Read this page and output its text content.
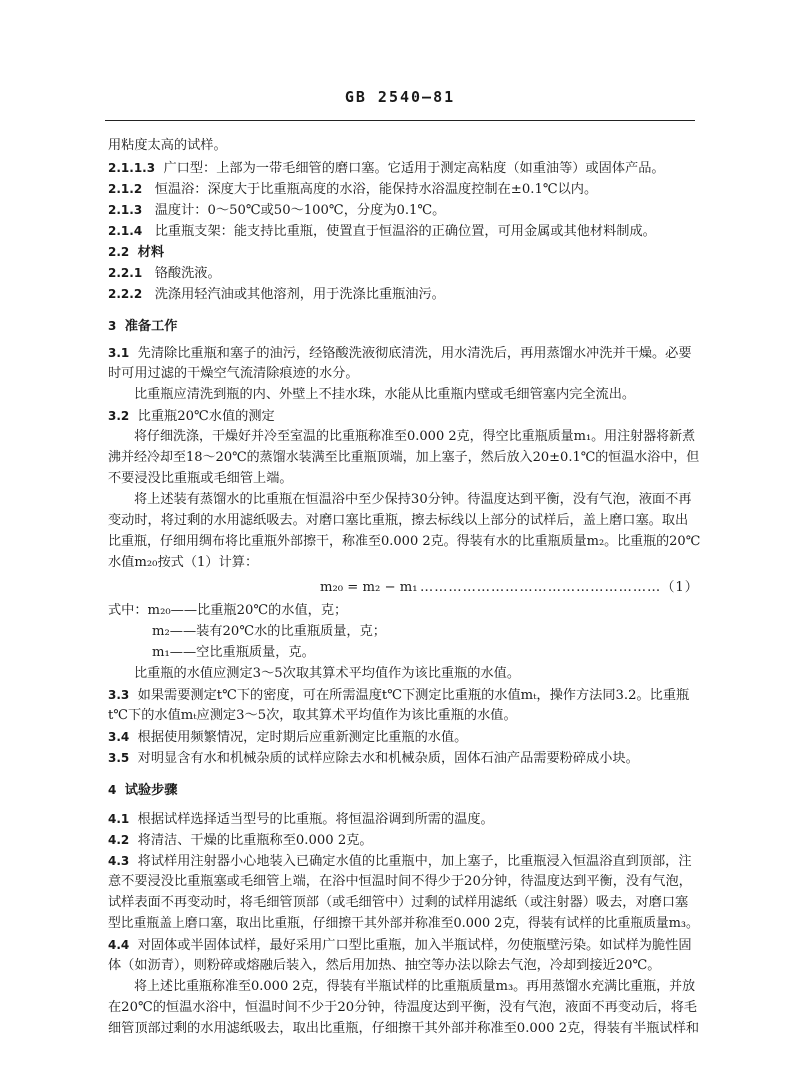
GB 2540—81
用粘度太高的试样。
2.1.1.3 广口型：上部为一带毛细管的磨口塞。它适用于测定高粘度（如重油等）或固体产品。
2.1.2 恒温浴：深度大于比重瓶高度的水浴，能保持水浴温度控制在±0.1℃以内。
2.1.3 温度计：0～50℃或50～100℃，分度为0.1℃。
2.1.4 比重瓶支架：能支持比重瓶，使置直于恒温浴的正确位置，可用金属或其他材料制成。
2.2 材料
2.2.1 铬酸洗液。
2.2.2 洗涤用轻汽油或其他溶剂，用于洗涤比重瓶油污。
3 准备工作
3.1 先清除比重瓶和塞子的油污，经铬酸洗液彻底清洗，用水清洗后，再用蒸馏水冲洗并干燥。必要
时可用过滤的干燥空气流清除痕迹的水分。
比重瓶应清洗到瓶的内、外壁上不挂水珠，水能从比重瓶内壁或毛细管塞内完全流出。
3.2 比重瓶20℃水值的测定
将仔细洗涤，干燥好并冷至室温的比重瓶称准至0.000 2克，得空比重瓶质量m₁。用注射器将新煮
沸并经冷却至18～20℃的蒸馏水装满至比重瓶顶端，加上塞子，然后放入20±0.1℃的恒温水浴中，但
不要浸没比重瓶或毛细管上端。
将上述装有蒸馏水的比重瓶在恒温浴中至少保持30分钟。待温度达到平衡，没有气泡，液面不再
变动时，将过剩的水用滤纸吸去。对磨口塞比重瓶，擦去标线以上部分的试样后，盖上磨口塞。取出
比重瓶，仔细用绸布将比重瓶外部擦干，称准至0.000 2克。得装有水的比重瓶质量m₂。比重瓶的20℃
水值m₂₀按式（1）计算：
m₂₀ = m₂ − m₁ ……………………………………………（1）
式中：m₂₀——比重瓶20℃的水值，克；
m₂——装有20℃水的比重瓶质量，克；
m₁——空比重瓶质量，克。
比重瓶的水值应测定3～5次取其算术平均值作为该比重瓶的水值。
3.3 如果需要测定t℃下的密度，可在所需温度t℃下测定比重瓶的水值mₜ，操作方法同3.2。比重瓶
t℃下的水值mₜ应测定3～5次，取其算术平均值作为该比重瓶的水值。
3.4 根据使用频繁情况，定时期后应重新测定比重瓶的水值。
3.5 对明显含有水和机械杂质的试样应除去水和机械杂质，固体石油产品需要粉碎成小块。
4 试验步骤
4.1 根据试样选择适当型号的比重瓶。将恒温浴调到所需的温度。
4.2 将清洁、干燥的比重瓶称至0.000 2克。
4.3 将试样用注射器小心地装入已确定水值的比重瓶中，加上塞子，比重瓶浸入恒温浴直到顶部，注
意不要浸没比重瓶塞或毛细管上端，在浴中恒温时间不得少于20分钟，待温度达到平衡，没有气泡，
试样表面不再变动时，将毛细管顶部（或毛细管中）过剩的试样用滤纸（或注射器）吸去，对磨口塞
型比重瓶盖上磨口塞，取出比重瓶，仔细擦干其外部并称准至0.000 2克，得装有试样的比重瓶质量m₃。
4.4 对固体或半固体试样，最好采用广口型比重瓶，加入半瓶试样，勿使瓶壁污染。如试样为脆性固
体（如沥青），则粉碎或熔融后装入，然后用加热、抽空等办法以除去气泡，冷却到接近20℃。
将上述比重瓶称准至0.000 2克，得装有半瓶试样的比重瓶质量m₃。再用蒸馏水充满比重瓶，并放
在20℃的恒温水浴中，恒温时间不少于20分钟，待温度达到平衡，没有气泡，液面不再变动后，将毛
细管顶部过剩的水用滤纸吸去，取出比重瓶，仔细擦干其外部并称准至0.000 2克，得装有半瓶试样和
